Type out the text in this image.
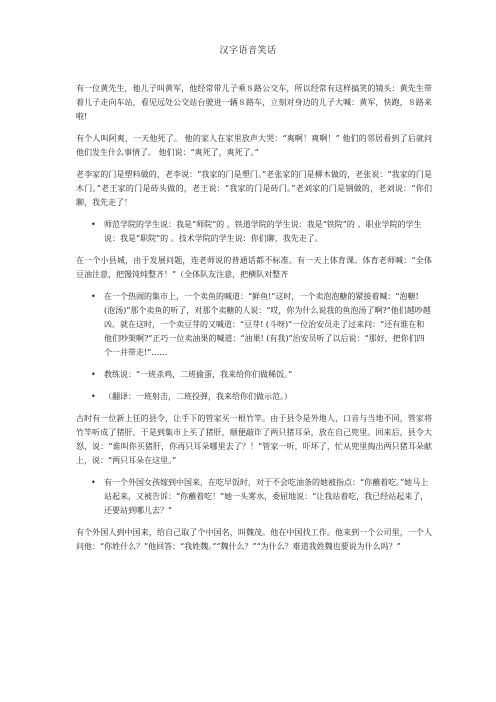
汉字语音笑话

有一位黄先生，他儿子叫黄军，他经常带儿子乘８路公交车，所以经常有这样搞笑的镜头：黄先生带着儿子走向车站，看见远处公交站台驶进一辆８路车，立刻对身边的儿子大喊：黄军，快跑，８路来啦!

有个人叫阿爽，一天他死了。 他的家人在家里放声大哭：“爽啊！爽啊！” 他们的邻居看到了后就问他们发生什么事情了。 他们说：“爽死了，爽死了。”

老李家的门是塑料做的，老李说：“我家的门是塑门。”老张家的门是柳木做的，老张说：“我家的门是木门。”老王家的门是砖头做的，老王说：“我家的门是砖门。”老刘家的门是钢做的，老刘说：“你们聊，我先走了！

•	师范学院的学生说：我是“师院”的 。铁道学院的学生说：我是“铁院”的 。职业学院的学生说：我是“职院”的 。技术学院的学生说：你们聊，我先走了。

在一个小县城，由于发展问题，连老师说的普通话都不标准。有一天上体育课。体育老师喊：“全体豆油注意，把馒饨炖整齐！”（全体队友注意，把横队对整齐

•	在一个热闹的集市上，一个卖鱼的喊道：“鲜鱼!”这时，一个卖泡泡糖的紧接着喊：“泡糖! (泡汤)”那个卖鱼的听了，对那个卖糖的人说：“哎，你为什么说我的鱼泡汤了啊?”他们越吵越凶。就在这时，一个卖豆芽的又喊道：“豆芽! (斗呀)”一位治安员走了过来问：“还有谁在和他们吵架啊?”正巧一位卖油果的喊道：“油果! (有我)”治安员听了以后说：“那好，把你们四个一并带走!”……
•	教练说：“一班杀鸡，二班偷蛋，我来给你们做稀饭。”
•	（翻译：一班射击，二班投弹，我来给你们做示范。）

古时有一位新上任的县令，让手下的管家买一根竹竿。由于县令是外地人，口音与当地不同，管家将竹竿听成了猪肝，于是到集市上买了猪肝，顺便敲诈了两只猪耳朵，放在自己兜里。回来后，县令大怒，说：“谁叫你买猪肝，你再只耳朵哪里去了？！”管家一听，吓坏了，忙从兜里掏出两只猪耳朵献上，说：“两只耳朵在这里。”

•	有一个外国女孩嫁到中国来，在吃早饭时，对于不会吃油条的她被指点：“你蘸着吃。”她马上站起来，又被告诉：“你蘸着吃！”她一头雾水，委屈地说：“让我站着吃，我已经站起来了，还要站到哪儿去？”

有个外国人到中国来，给自己取了个中国名，叫魏茂。他在中国找工作。他来到一个公司里，一个人问他：“你姓什么？”他回答：“我姓魏。”“魏什么？”“为什么？难道我姓魏也要说为什么吗？”
